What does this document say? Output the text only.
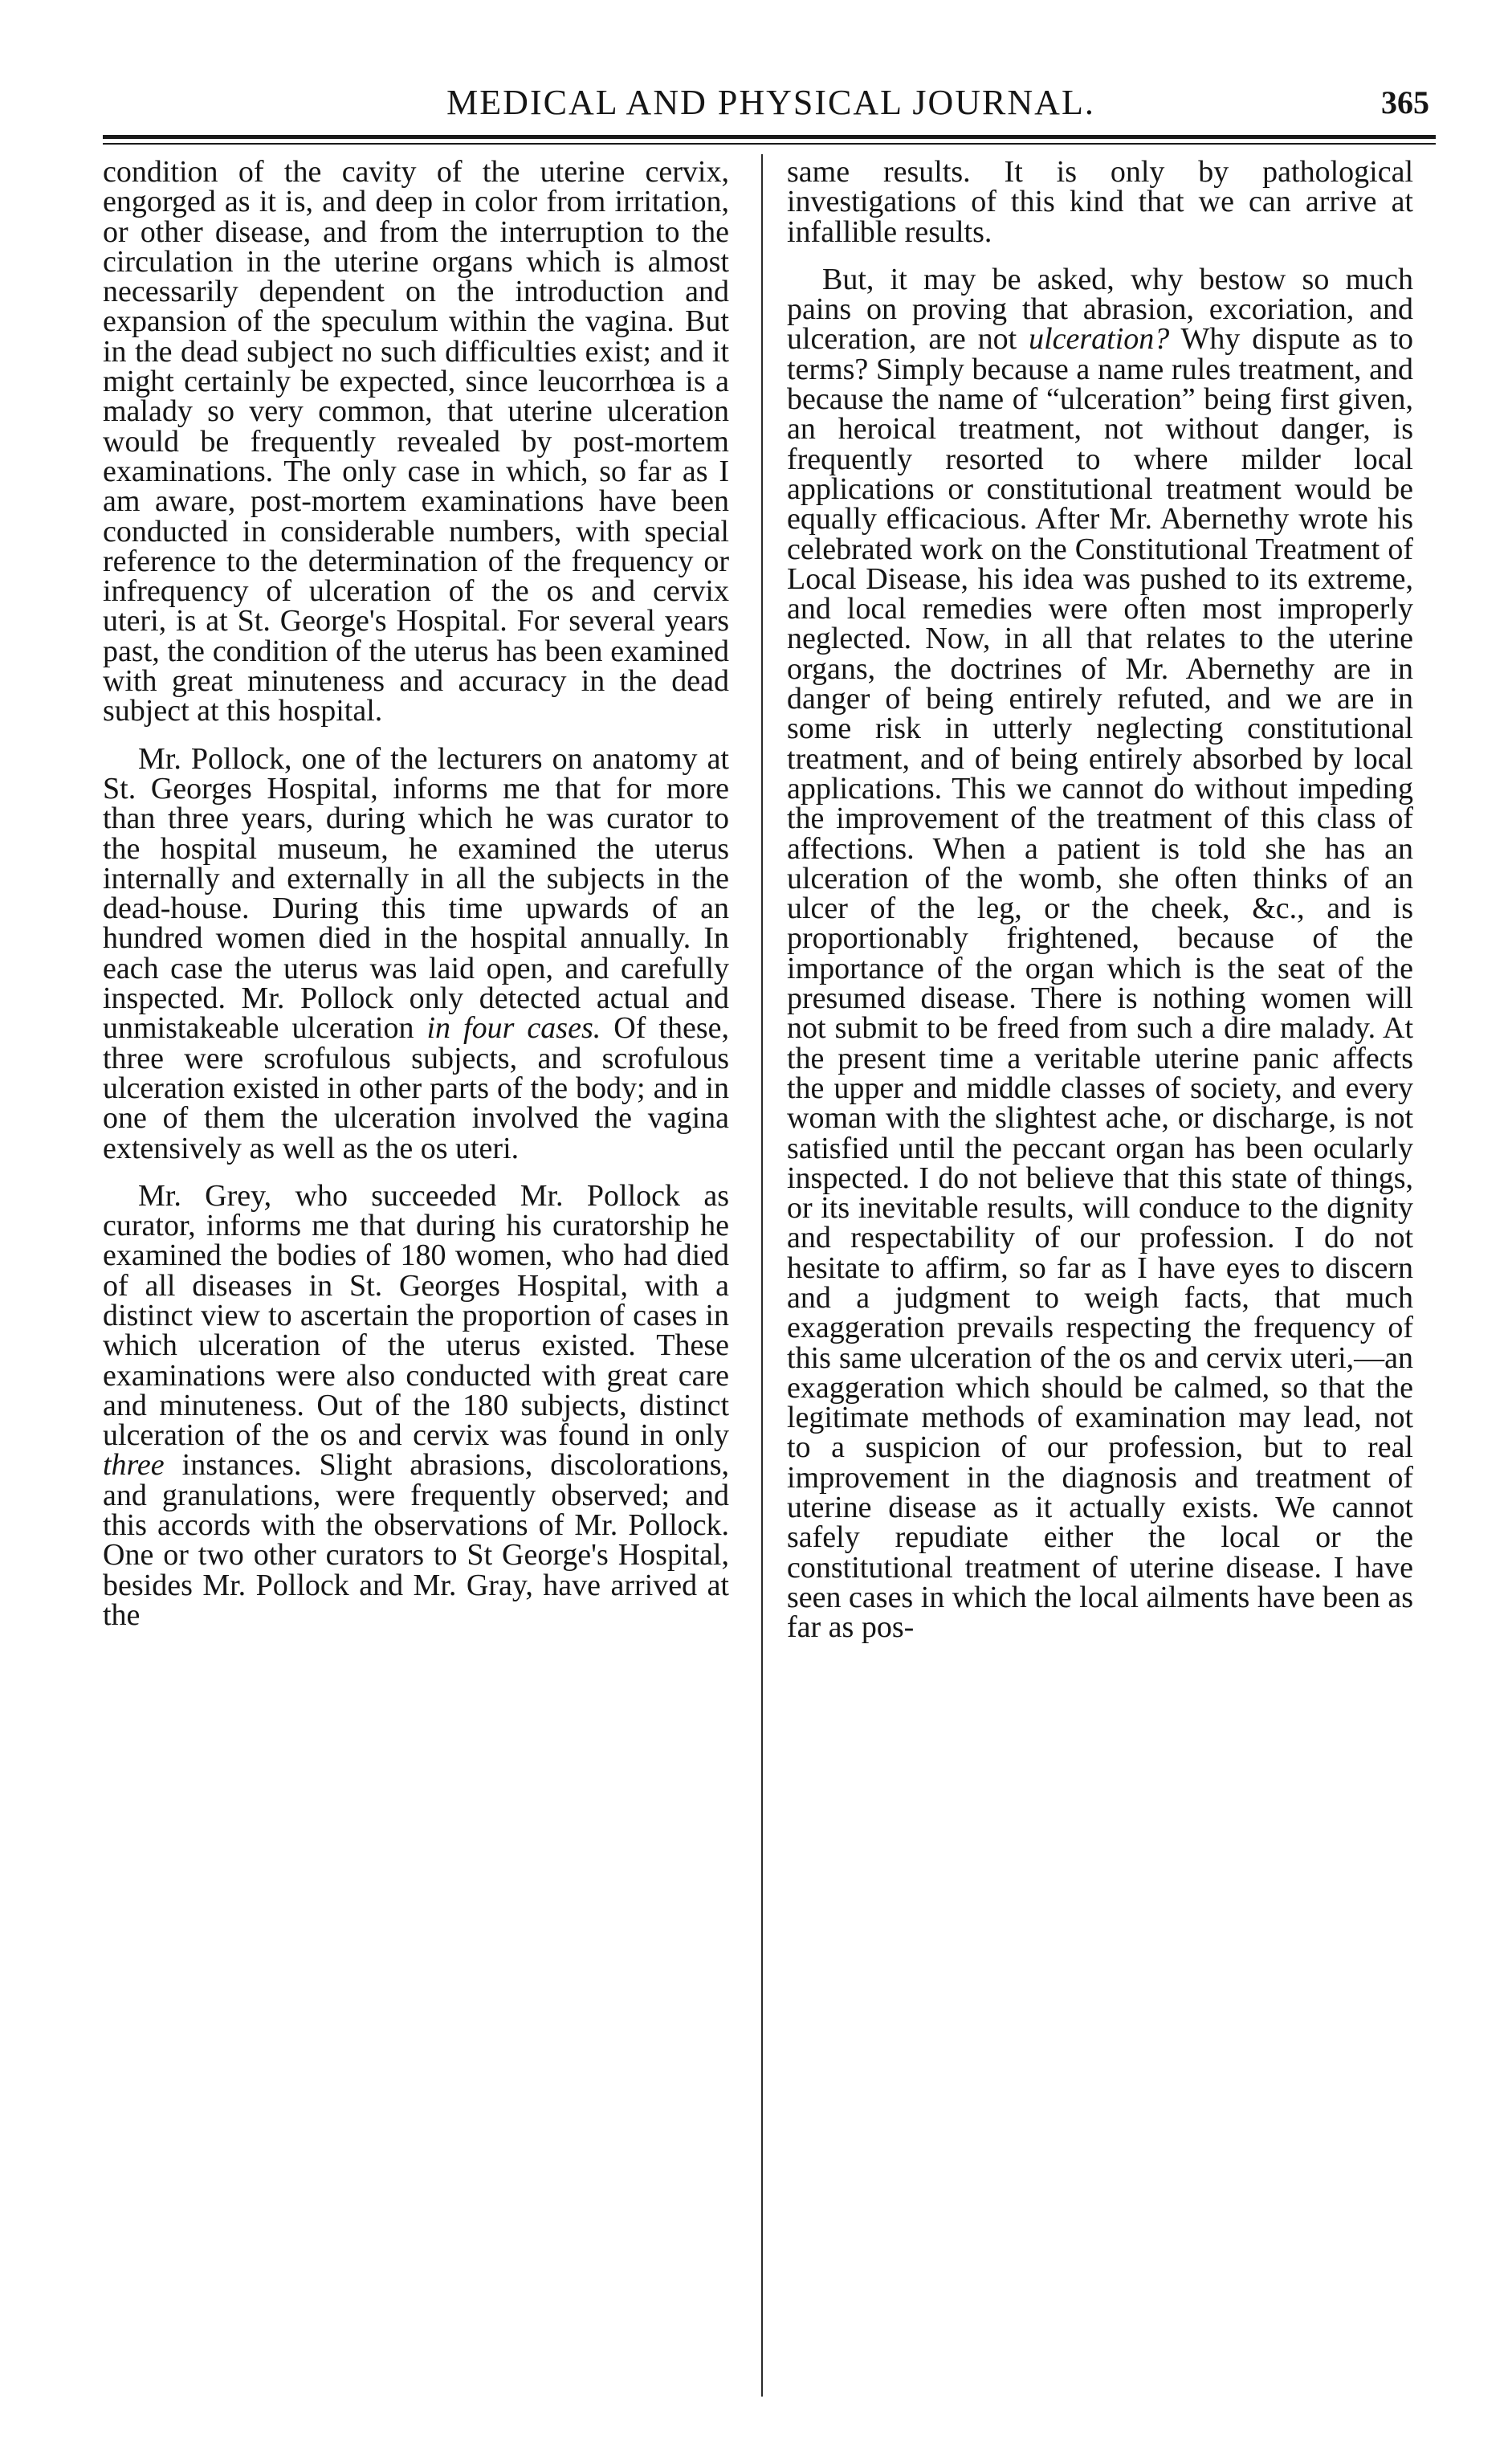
MEDICAL AND PHYSICAL JOURNAL.	365

condition of the cavity of the uterine cervix, engorged as it is, and deep in color from irritation, or other disease, and from the interruption to the circulation in the uterine organs which is almost necessarily dependent on the introduction and expansion of the speculum within the vagina. But in the dead subject no such difficulties exist; and it might certainly be expected, since leucorrhœa is a malady so very common, that uterine ulceration would be frequently revealed by post-mortem examinations. The only case in which, so far as I am aware, post-mortem examinations have been conducted in considerable numbers, with special reference to the determination of the frequency or infrequency of ulceration of the os and cervix uteri, is at St. George's Hospital. For several years past, the condition of the uterus has been examined with great minuteness and accuracy in the dead subject at this hospital.

Mr. Pollock, one of the lecturers on anatomy at St. Georges Hospital, informs me that for more than three years, during which he was curator to the hospital museum, he examined the uterus internally and externally in all the subjects in the dead-house. During this time upwards of an hundred women died in the hospital annually. In each case the uterus was laid open, and carefully inspected. Mr. Pollock only detected actual and unmistakeable ulceration in four cases. Of these, three were scrofulous subjects, and scrofulous ulceration existed in other parts of the body; and in one of them the ulceration involved the vagina extensively as well as the os uteri.

Mr. Grey, who succeeded Mr. Pollock as curator, informs me that during his curatorship he examined the bodies of 180 women, who had died of all diseases in St. Georges Hospital, with a distinct view to ascertain the proportion of cases in which ulceration of the uterus existed. These examinations were also conducted with great care and minuteness. Out of the 180 subjects, distinct ulceration of the os and cervix was found in only three instances. Slight abrasions, discolorations, and granulations, were frequently observed; and this accords with the observations of Mr. Pollock. One or two other curators to St George's Hospital, besides Mr. Pollock and Mr. Gray, have arrived at the

same results. It is only by pathological investigations of this kind that we can arrive at infallible results.

But, it may be asked, why bestow so much pains on proving that abrasion, excoriation, and ulceration, are not ulceration? Why dispute as to terms? Simply because a name rules treatment, and because the name of “ulceration” being first given, an heroical treatment, not without danger, is frequently resorted to where milder local applications or constitutional treatment would be equally efficacious. After Mr. Abernethy wrote his celebrated work on the Constitutional Treatment of Local Disease, his idea was pushed to its extreme, and local remedies were often most improperly neglected. Now, in all that relates to the uterine organs, the doctrines of Mr. Abernethy are in danger of being entirely refuted, and we are in some risk in utterly neglecting constitutional treatment, and of being entirely absorbed by local applications. This we cannot do without impeding the improvement of the treatment of this class of affections. When a patient is told she has an ulceration of the womb, she often thinks of an ulcer of the leg, or the cheek, &c., and is proportionably frightened, because of the importance of the organ which is the seat of the presumed disease. There is nothing women will not submit to be freed from such a dire malady. At the present time a veritable uterine panic affects the upper and middle classes of society, and every woman with the slightest ache, or discharge, is not satisfied until the peccant organ has been ocularly inspected. I do not believe that this state of things, or its inevitable results, will conduce to the dignity and respectability of our profession. I do not hesitate to affirm, so far as I have eyes to discern and a judgment to weigh facts, that much exaggeration prevails respecting the frequency of this same ulceration of the os and cervix uteri,—an exaggeration which should be calmed, so that the legitimate methods of examination may lead, not to a suspicion of our profession, but to real improvement in the diagnosis and treatment of uterine disease as it actually exists. We cannot safely repudiate either the local or the constitutional treatment of uterine disease. I have seen cases in which the local ailments have been as far as pos-
